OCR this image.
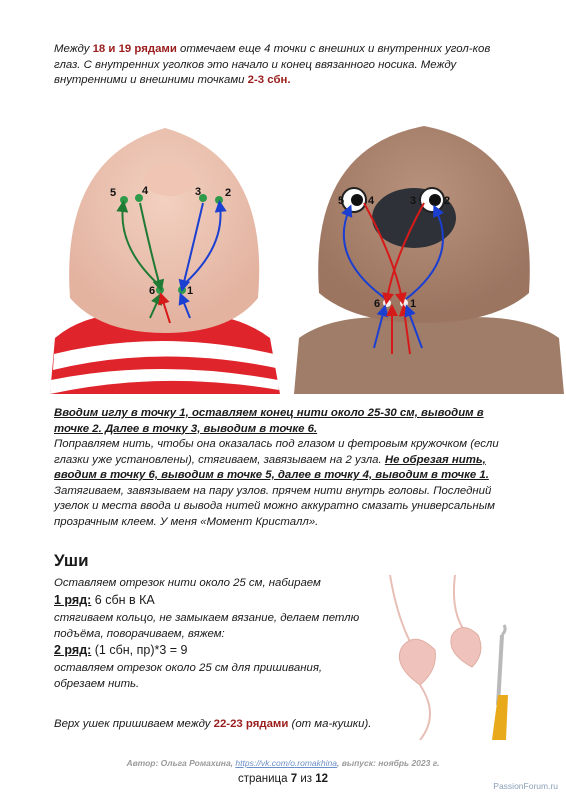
Между 18 и 19 рядами отмечаем еще 4 точки с внешних и внутренних угол-ков глаз. С внутренних уголков это начало и конец ввязанного носика. Между внутренними и внешними точками 2-3 сбн.
5 4	3 2
6	1
5 4	3	2
6	1
Вводим иглу в точку 1, оставляем конец нити около 25-30 см, выводим в точке 2. Далее в точку 3, выводим в точке 6.
Поправляем нить, чтобы она оказалась под глазом и фетровым кружочком (если глазки уже установлены), стягиваем, завязываем на 2 узла. Не обрезая нить, вводим в точку 6, выводим в точке 5, далее в точку 4, выводим в точке 1. Затягиваем, завязываем на пару узлов. прячем нити внутрь головы. Последний узелок и места ввода и вывода нитей можно аккуратно смазать универсальным прозрачным клеем. У меня «Момент Кристалл».
Уши
Оставляем отрезок нити около 25 см, набираем
1 ряд: 6 сбн в КА
стягиваем кольцо, не замыкаем вязание, делаем петлю подъёма, поворачиваем, вяжем:
2 ряд: (1 сбн, пр)*3 = 9
оставляем отрезок около 25 см для пришивания, обрезаем нить.
Верх ушек пришиваем между 22-23 рядами (от ма-кушки).
Автор: Ольга Ромахина, https://vk.com/o.romakhina, выпуск: ноябрь 2023 г.
страница 7 из 12
PassionForum.ru
